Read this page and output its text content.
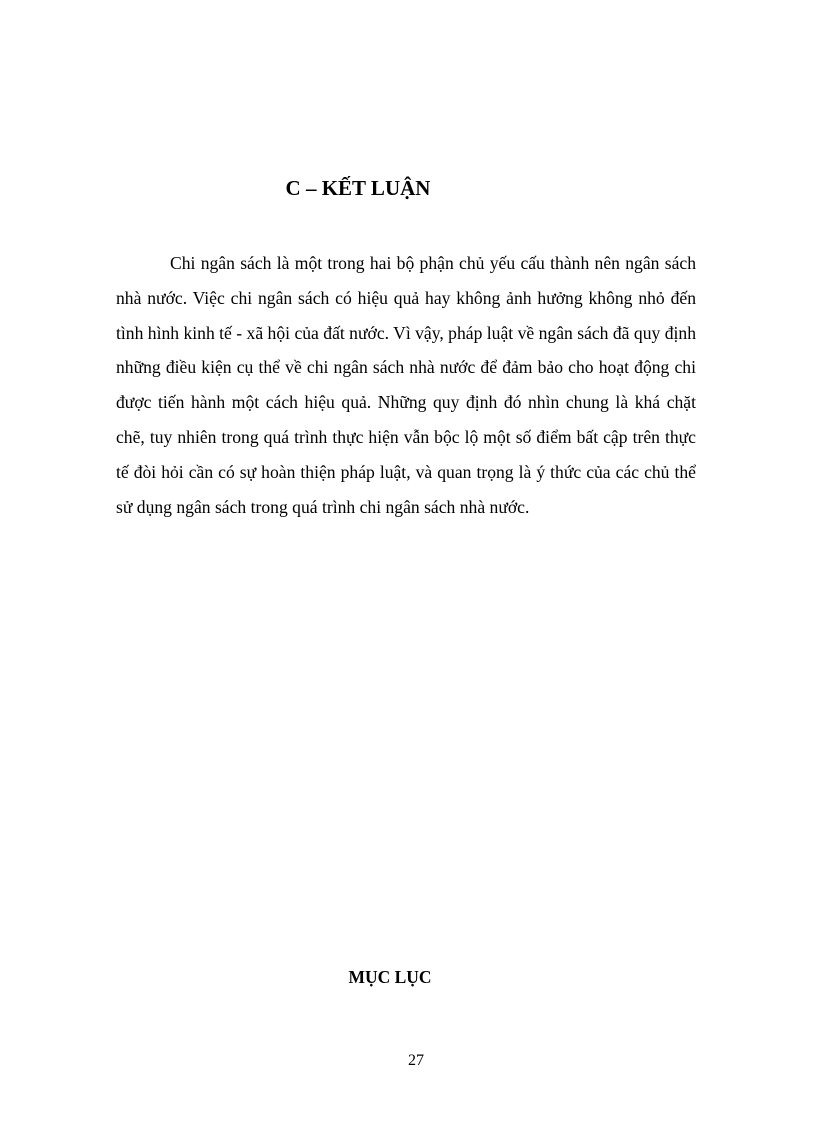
C – KẾT LUẬN

Chi ngân sách là một trong hai bộ phận chủ yếu cấu thành nên ngân sách nhà nước. Việc chi ngân sách có hiệu quả hay không ảnh hưởng không nhỏ đến tình hình kinh tế - xã hội của đất nước. Vì vậy, pháp luật về ngân sách đã quy định những điều kiện cụ thể về chi ngân sách nhà nước để đảm bảo cho hoạt động chi được tiến hành một cách hiệu quả. Những quy định đó nhìn chung là khá chặt chẽ, tuy nhiên trong quá trình thực hiện vẫn bộc lộ một số điểm bất cập trên thực tế đòi hỏi cần có sự hoàn thiện pháp luật, và quan trọng là ý thức của các chủ thể sử dụng ngân sách trong quá trình chi ngân sách nhà nước.

MỤC LỤC
27
